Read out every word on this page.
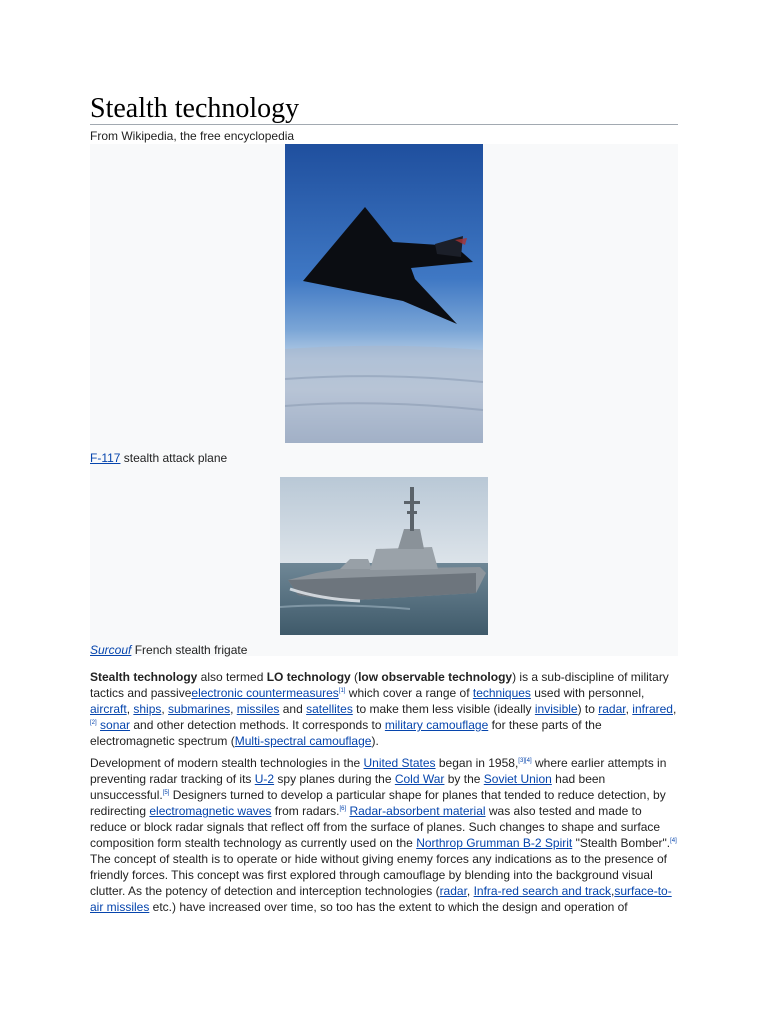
Stealth technology
From Wikipedia, the free encyclopedia
F-117 stealth attack plane
Surcouf French stealth frigate
Stealth technology also termed LO technology (low observable technology) is a sub-discipline of military tactics and passiveelectronic countermeasures[1] which cover a range of techniques used with personnel, aircraft, ships, submarines, missiles and satellites to make them less visible (ideally invisible) to radar, infrared,[2] sonar and other detection methods. It corresponds to military camouflage for these parts of the electromagnetic spectrum (Multi-spectral camouflage).
Development of modern stealth technologies in the United States began in 1958,[3][4] where earlier attempts in preventing radar tracking of its U-2 spy planes during the Cold War by the Soviet Union had been unsuccessful.[5] Designers turned to develop a particular shape for planes that tended to reduce detection, by redirecting electromagnetic waves from radars.[6] Radar-absorbent material was also tested and made to reduce or block radar signals that reflect off from the surface of planes. Such changes to shape and surface composition form stealth technology as currently used on the Northrop Grumman B-2 Spirit "Stealth Bomber".[4] The concept of stealth is to operate or hide without giving enemy forces any indications as to the presence of friendly forces. This concept was first explored through camouflage by blending into the background visual clutter. As the potency of detection and interception technologies (radar, Infra-red search and track,surface-to-air missiles etc.) have increased over time, so too has the extent to which the design and operation of
